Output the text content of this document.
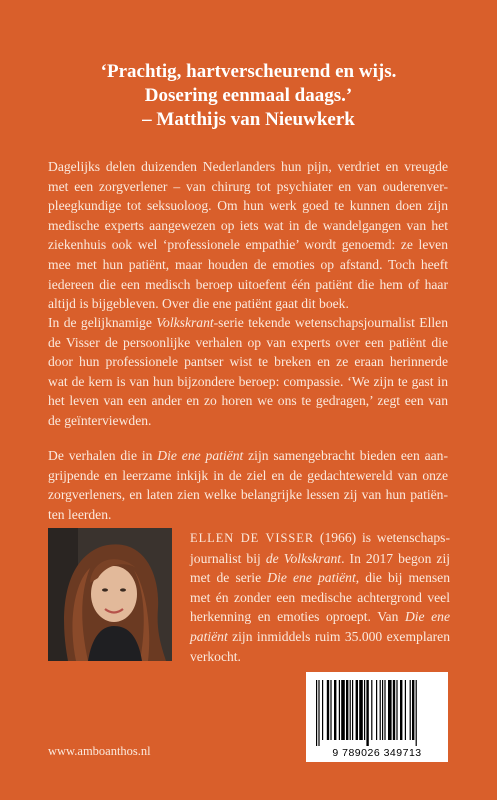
‘Prachtig, hartverscheurend en wijs.
Dosering eenmaal daags.’
– Matthijs van Nieuwkerk
Dagelijks delen duizenden Nederlanders hun pijn, verdriet en vreugde
met een zorgverlener – van chirurg tot psychiater en van ouderenver-
pleegkundige tot seksuoloog. Om hun werk goed te kunnen doen zijn
medische experts aangewezen op iets wat in de wandelgangen van het
ziekenhuis ook wel ‘professionele empathie’ wordt genoemd: ze leven
mee met hun patiënt, maar houden de emoties op afstand. Toch heeft
iedereen die een medisch beroep uitoefent één patiënt die hem of haar
altijd is bijgebleven. Over die ene patiënt gaat dit boek.
In de gelijknamige Volkskrant-serie tekende wetenschapsjournalist Ellen
de Visser de persoonlijke verhalen op van experts over een patiënt die
door hun professionele pantser wist te breken en ze eraan herinnerde
wat de kern is van hun bijzondere beroep: compassie. ‘We zijn te gast in
het leven van een ander en zo horen we ons te gedragen,’ zegt een van
de geïnterviewden.
De verhalen die in Die ene patiënt zijn samengebracht bieden een aan-
grijpende en leerzame inkijk in de ziel en de gedachtewereld van onze
zorgverleners, en laten zien welke belangrijke lessen zij van hun patiën-
ten leerden.
ELLEN DE VISSER (1966) is wetenschaps-
journalist bij de Volkskrant. In 2017 begon zij
met de serie Die ene patiënt, die bij mensen
met én zonder een medische achtergrond veel
herkenning en emoties oproept. Van Die ene
patiënt zijn inmiddels ruim 35.000 exemplaren
verkocht.
9 789026 349713
www.amboanthos.nl
